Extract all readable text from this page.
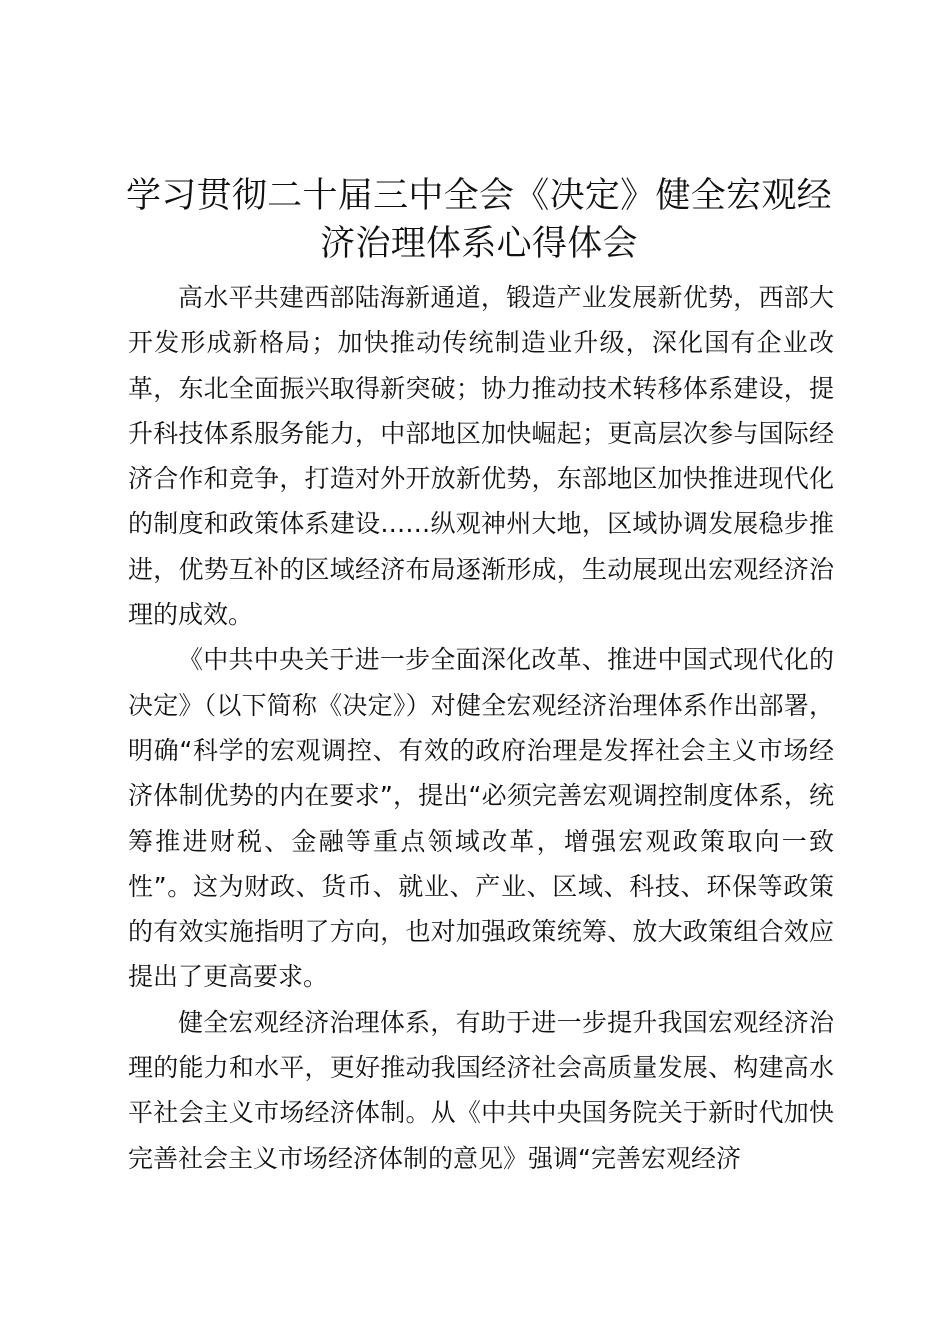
学习贯彻二十届三中全会《决定》健全宏观经济治理体系心得体会

高水平共建西部陆海新通道，锻造产业发展新优势，西部大开发形成新格局；加快推动传统制造业升级，深化国有企业改革，东北全面振兴取得新突破；协力推动技术转移体系建设，提升科技体系服务能力，中部地区加快崛起；更高层次参与国际经济合作和竞争，打造对外开放新优势，东部地区加快推进现代化的制度和政策体系建设……纵观神州大地，区域协调发展稳步推进，优势互补的区域经济布局逐渐形成，生动展现出宏观经济治理的成效。

《中共中央关于进一步全面深化改革、推进中国式现代化的决定》（以下简称《决定》）对健全宏观经济治理体系作出部署，明确“科学的宏观调控、有效的政府治理是发挥社会主义市场经济体制优势的内在要求”，提出“必须完善宏观调控制度体系，统筹推进财税、金融等重点领域改革，增强宏观政策取向一致性”。这为财政、货币、就业、产业、区域、科技、环保等政策的有效实施指明了方向，也对加强政策统筹、放大政策组合效应提出了更高要求。

健全宏观经济治理体系，有助于进一步提升我国宏观经济治理的能力和水平，更好推动我国经济社会高质量发展、构建高水平社会主义市场经济体制。从《中共中央国务院关于新时代加快完善社会主义市场经济体制的意见》强调“完善宏观经济
